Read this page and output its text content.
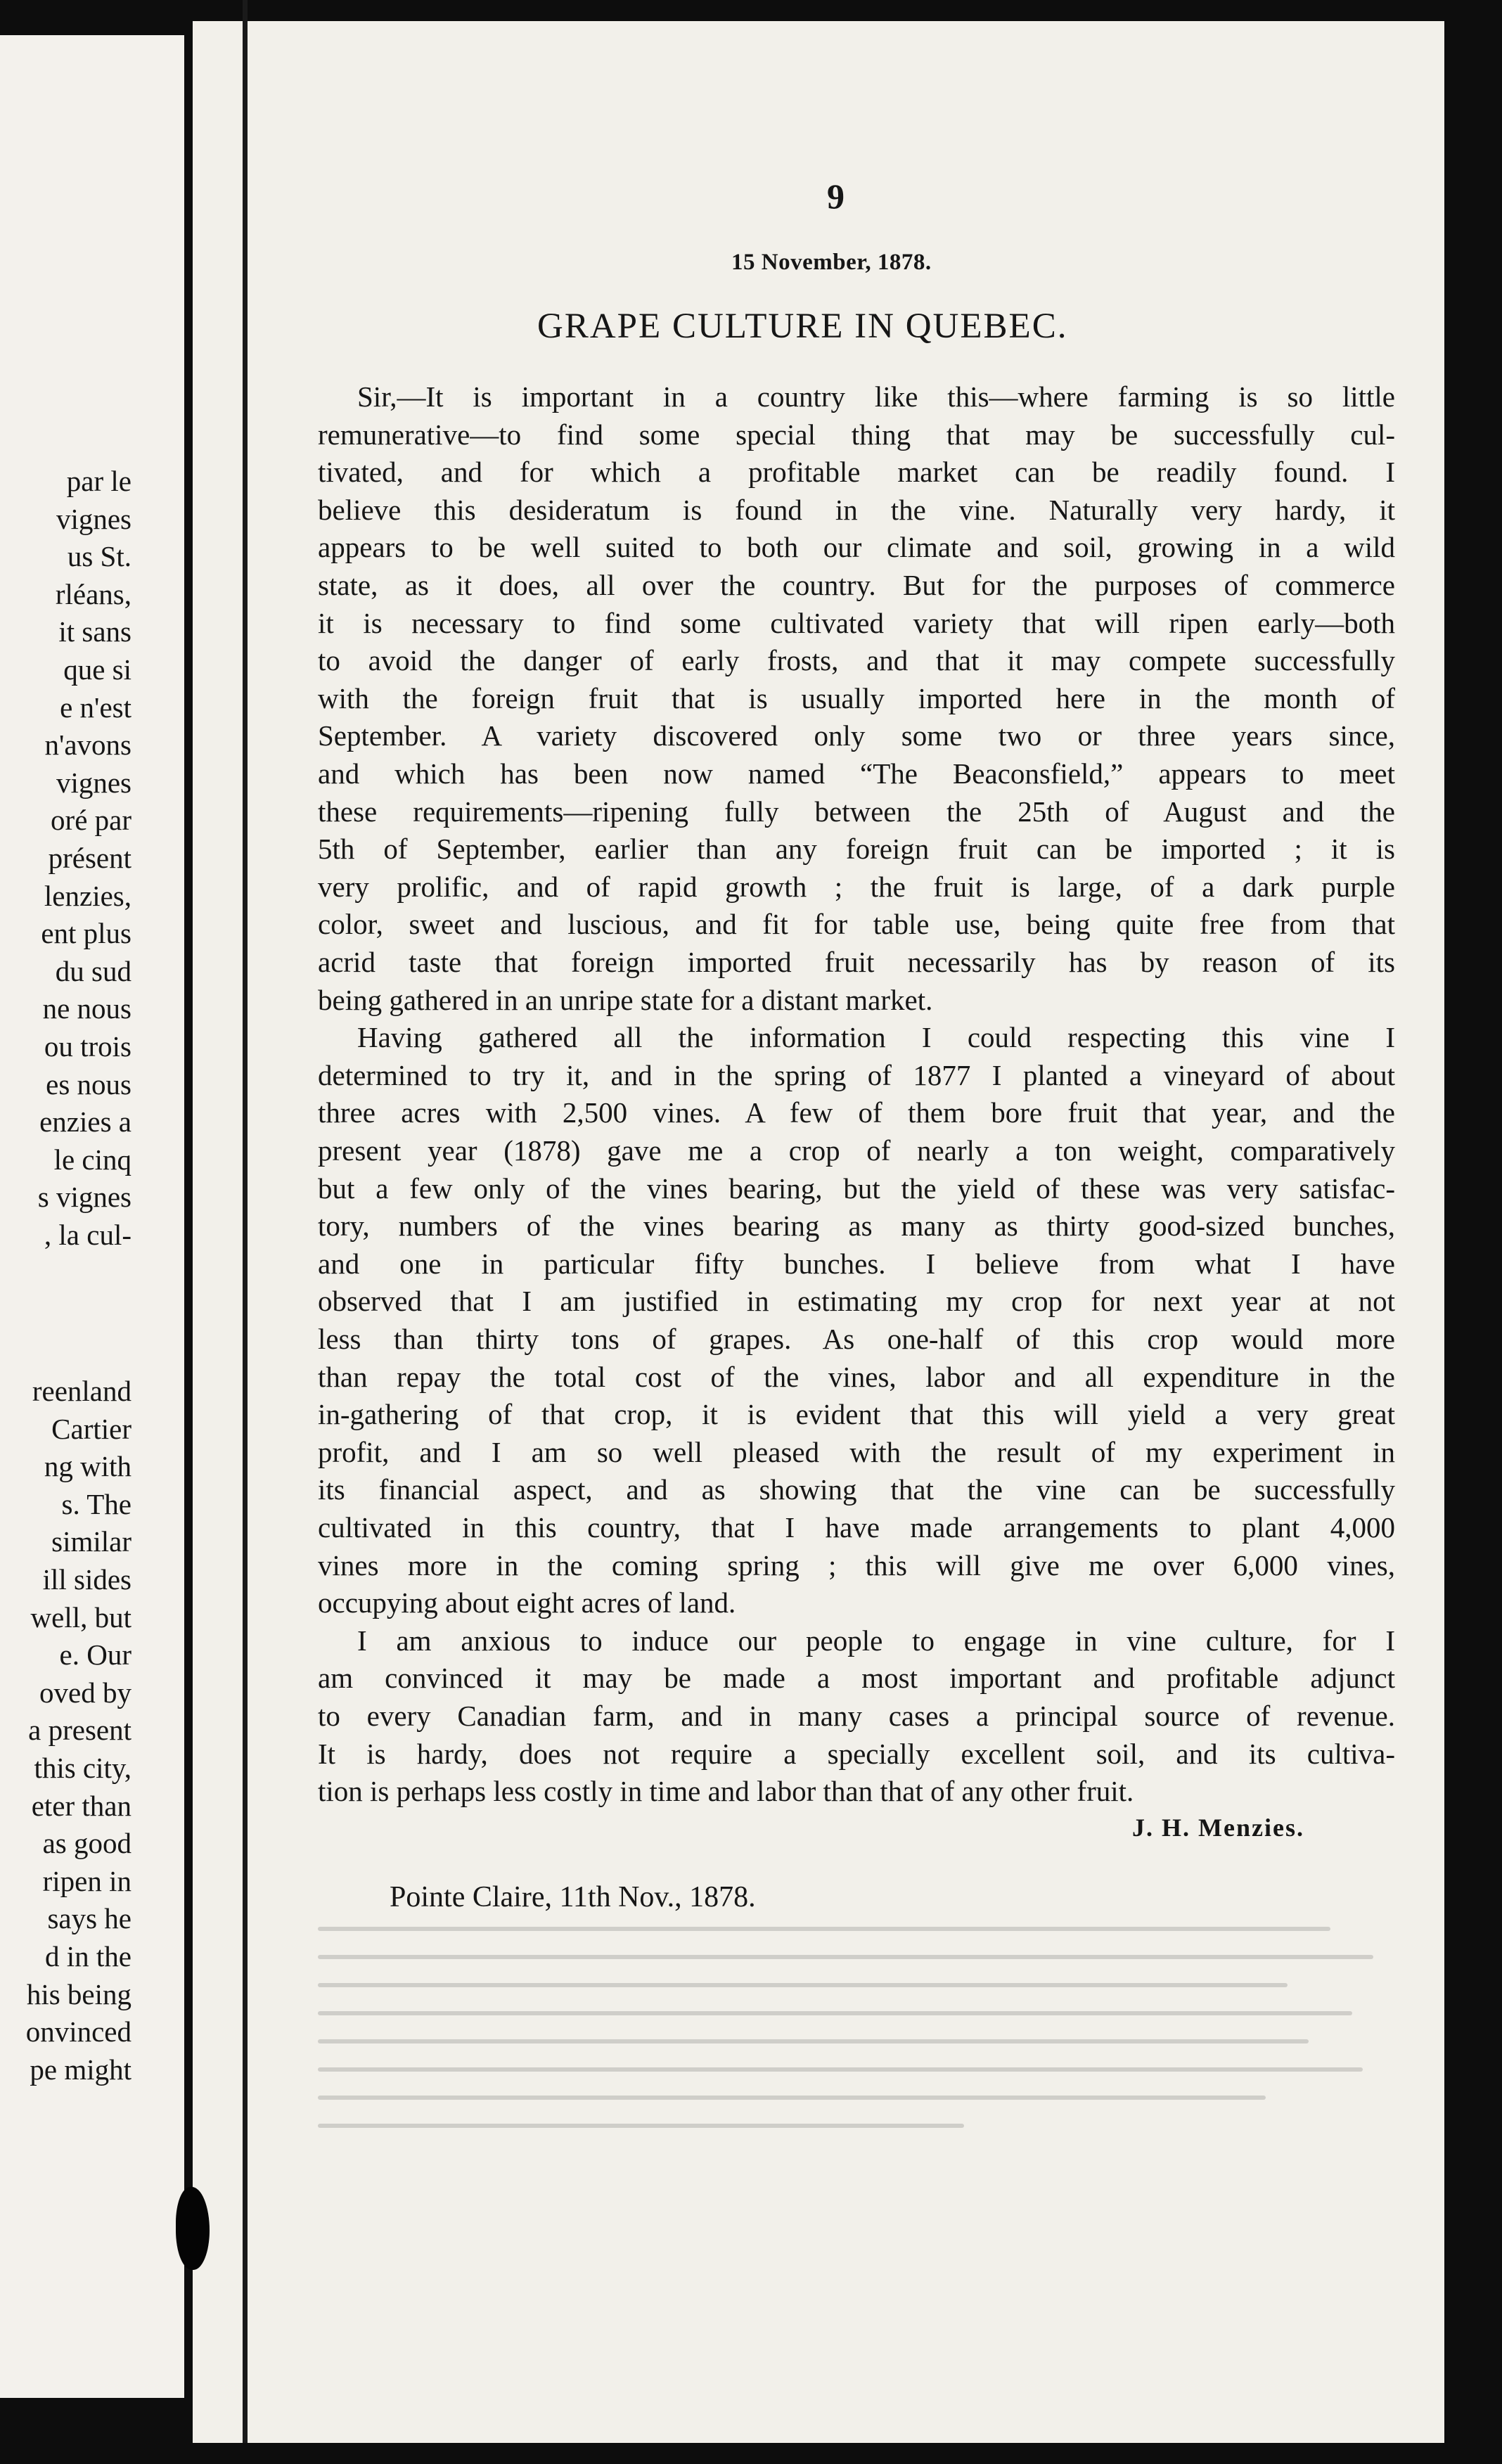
par le
vignes
us St.
rléans,
it sans
que si
e n'est
n'avons
vignes
oré par
présent
lenzies,
ent plus
du sud
ne nous
ou trois
es nous
enzies a
le cinq
s vignes
, la cul-
reenland
Cartier
ng with
s. The
similar
ill sides
well, but
e. Our
oved by
a present
this city,
eter than
as good
ripen in
says he
d in the
his being
onvinced
pe might
9
15 November, 1878.
GRAPE CULTURE IN QUEBEC.

Sir,—It is important in a country like this—where farming is so little

remunerative—to find some special thing that may be successfully cul-

tivated, and for which a profitable market can be readily found. I

believe this desideratum is found in the vine. Naturally very hardy, it

appears to be well suited to both our climate and soil, growing in a wild

state, as it does, all over the country. But for the purposes of commerce

it is necessary to find some cultivated variety that will ripen early—both

to avoid the danger of early frosts, and that it may compete successfully

with the foreign fruit that is usually imported here in the month of

September. A variety discovered only some two or three years since,

and which has been now named “The Beaconsfield,” appears to meet

these requirements—ripening fully between the 25th of August and the

5th of September, earlier than any foreign fruit can be imported ; it is

very prolific, and of rapid growth ; the fruit is large, of a dark purple

color, sweet and luscious, and fit for table use, being quite free from that

acrid taste that foreign imported fruit necessarily has by reason of its

being gathered in an unripe state for a distant market.

Having gathered all the information I could respecting this vine I

determined to try it, and in the spring of 1877 I planted a vineyard of about

three acres with 2,500 vines. A few of them bore fruit that year, and the

present year (1878) gave me a crop of nearly a ton weight, comparatively

but a few only of the vines bearing, but the yield of these was very satisfac-

tory, numbers of the vines bearing as many as thirty good-sized bunches,

and one in particular fifty bunches. I believe from what I have

observed that I am justified in estimating my crop for next year at not

less than thirty tons of grapes. As one-half of this crop would more

than repay the total cost of the vines, labor and all expenditure in the

in-gathering of that crop, it is evident that this will yield a very great

profit, and I am so well pleased with the result of my experiment in

its financial aspect, and as showing that the vine can be successfully

cultivated in this country, that I have made arrangements to plant 4,000

vines more in the coming spring ; this will give me over 6,000 vines,

occupying about eight acres of land.

I am anxious to induce our people to engage in vine culture, for I

am convinced it may be made a most important and profitable adjunct

to every Canadian farm, and in many cases a principal source of revenue.

It is hardy, does not require a specially excellent soil, and its cultiva-

tion is perhaps less costly in time and labor than that of any other fruit.

J. H. Menzies.
Pointe Claire, 11th Nov., 1878.
